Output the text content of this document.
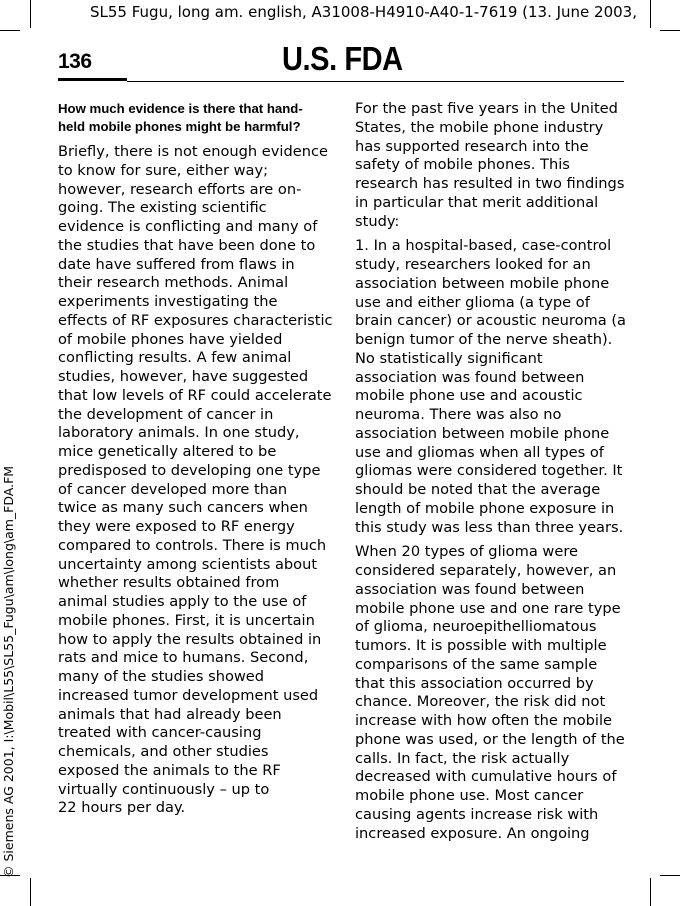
SL55 Fugu, long am. english, A31008-H4910-A40-1-7619 (13. June 2003,
© Siemens AG 2001, I:\Mobil\L55\SL55_Fugu\am\long\am_FDA.FM
136	U.S. FDA
How much evidence is there that hand-
held mobile phones might be harmful?

Briefly, there is not enough evidence
to know for sure, either way;
however, research efforts are on-
going. The existing scientific
evidence is conflicting and many of
the studies that have been done to
date have suffered from flaws in
their research methods. Animal
experiments investigating the
effects of RF exposures characteristic
of mobile phones have yielded
conflicting results. A few animal
studies, however, have suggested
that low levels of RF could accelerate
the development of cancer in
laboratory animals. In one study,
mice genetically altered to be
predisposed to developing one type
of cancer developed more than
twice as many such cancers when
they were exposed to RF energy
compared to controls. There is much
uncertainty among scientists about
whether results obtained from
animal studies apply to the use of
mobile phones. First, it is uncertain
how to apply the results obtained in
rats and mice to humans. Second,
many of the studies showed
increased tumor development used
animals that had already been
treated with cancer-causing
chemicals, and other studies
exposed the animals to the RF
virtually continuously – up to
22 hours per day.

For the past five years in the United
States, the mobile phone industry
has supported research into the
safety of mobile phones. This
research has resulted in two findings
in particular that merit additional
study:

1. In a hospital-based, case-control
study, researchers looked for an
association between mobile phone
use and either glioma (a type of
brain cancer) or acoustic neuroma (a
benign tumor of the nerve sheath).
No statistically significant
association was found between
mobile phone use and acoustic
neuroma. There was also no
association between mobile phone
use and gliomas when all types of
gliomas were considered together. It
should be noted that the average
length of mobile phone exposure in
this study was less than three years.

When 20 types of glioma were
considered separately, however, an
association was found between
mobile phone use and one rare type
of glioma, neuroepithelliomatous
tumors. It is possible with multiple
comparisons of the same sample
that this association occurred by
chance. Moreover, the risk did not
increase with how often the mobile
phone was used, or the length of the
calls. In fact, the risk actually
decreased with cumulative hours of
mobile phone use. Most cancer
causing agents increase risk with
increased exposure. An ongoing
